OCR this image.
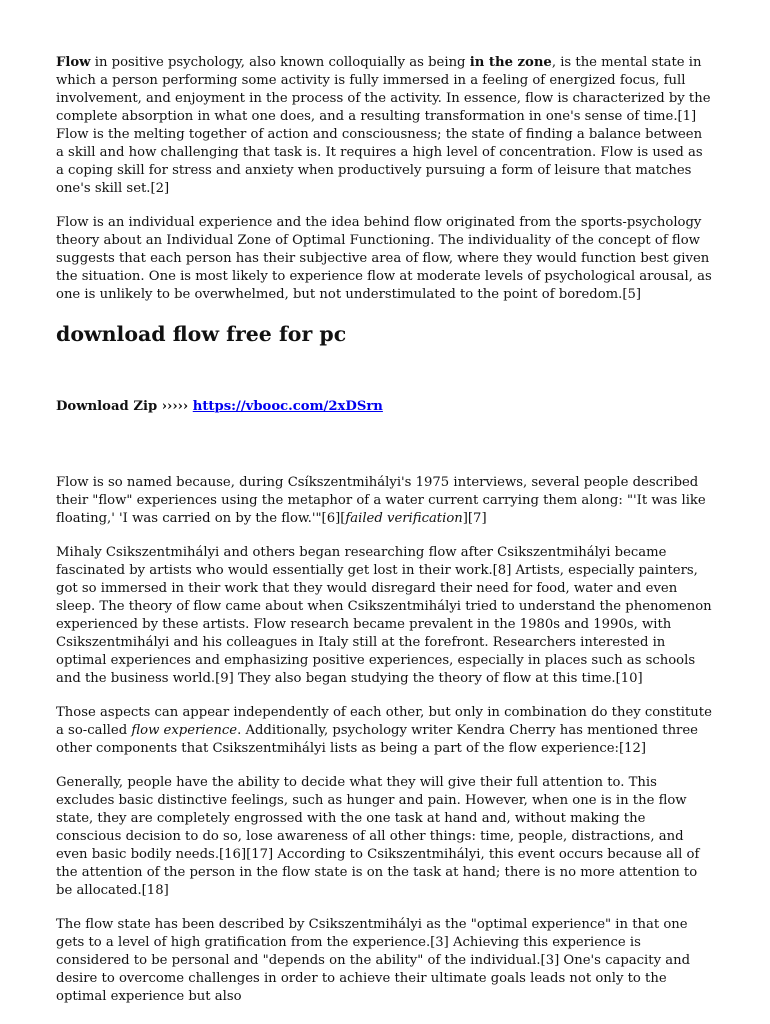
Flow in positive psychology, also known colloquially as being in the zone, is the mental state in which a person performing some activity is fully immersed in a feeling of energized focus, full involvement, and enjoyment in the process of the activity. In essence, flow is characterized by the complete absorption in what one does, and a resulting transformation in one's sense of time.[1] Flow is the melting together of action and consciousness; the state of finding a balance between a skill and how challenging that task is. It requires a high level of concentration. Flow is used as a coping skill for stress and anxiety when productively pursuing a form of leisure that matches one's skill set.[2]

Flow is an individual experience and the idea behind flow originated from the sports-psychology theory about an Individual Zone of Optimal Functioning. The individuality of the concept of flow suggests that each person has their subjective area of flow, where they would function best given the situation. One is most likely to experience flow at moderate levels of psychological arousal, as one is unlikely to be overwhelmed, but not understimulated to the point of boredom.[5]

download flow free for pc
Download Zip ››››› https://vbooc.com/2xDSrn

Flow is so named because, during Csíkszentmihályi's 1975 interviews, several people described their "flow" experiences using the metaphor of a water current carrying them along: "'It was like floating,' 'I was carried on by the flow.'"[6][failed verification][7]

Mihaly Csikszentmihályi and others began researching flow after Csikszentmihályi became fascinated by artists who would essentially get lost in their work.[8] Artists, especially painters, got so immersed in their work that they would disregard their need for food, water and even sleep. The theory of flow came about when Csikszentmihályi tried to understand the phenomenon experienced by these artists. Flow research became prevalent in the 1980s and 1990s, with Csikszentmihályi and his colleagues in Italy still at the forefront. Researchers interested in optimal experiences and emphasizing positive experiences, especially in places such as schools and the business world.[9] They also began studying the theory of flow at this time.[10]

Those aspects can appear independently of each other, but only in combination do they constitute a so-called flow experience. Additionally, psychology writer Kendra Cherry has mentioned three other components that Csikszentmihályi lists as being a part of the flow experience:[12]

Generally, people have the ability to decide what they will give their full attention to. This excludes basic distinctive feelings, such as hunger and pain. However, when one is in the flow state, they are completely engrossed with the one task at hand and, without making the conscious decision to do so, lose awareness of all other things: time, people, distractions, and even basic bodily needs.[16][17] According to Csikszentmihályi, this event occurs because all of the attention of the person in the flow state is on the task at hand; there is no more attention to be allocated.[18]

The flow state has been described by Csikszentmihályi as the "optimal experience" in that one gets to a level of high gratification from the experience.[3] Achieving this experience is considered to be personal and "depends on the ability" of the individual.[3] One's capacity and desire to overcome challenges in order to achieve their ultimate goals leads not only to the optimal experience but also
